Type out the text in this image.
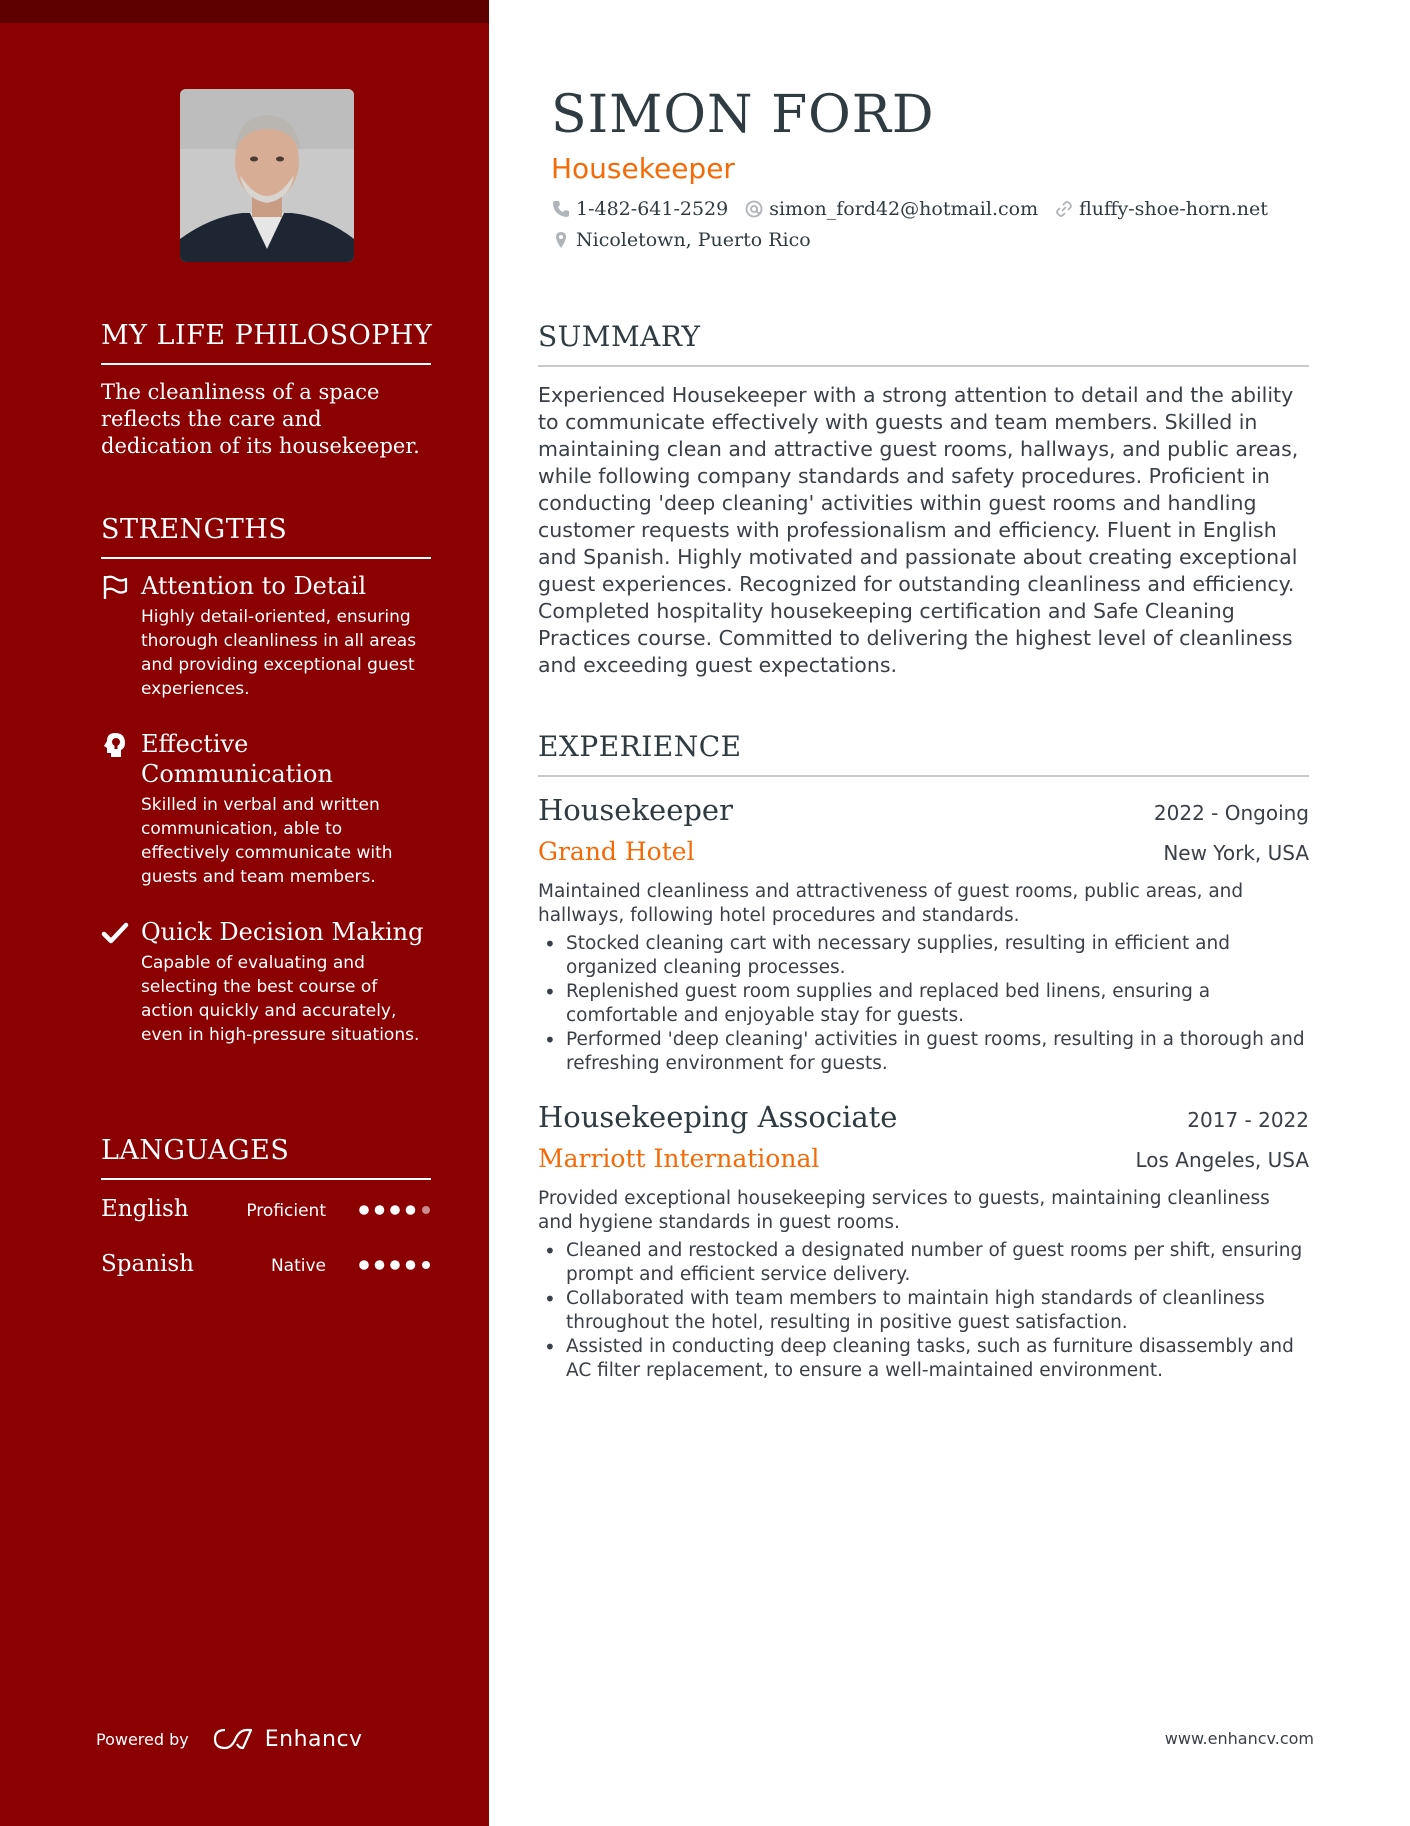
MY LIFE PHILOSOPHY
The cleanliness of a space reflects the care and dedication of its housekeeper.
STRENGTHS
Attention to Detail
Highly detail-oriented, ensuring thorough cleanliness in all areas and providing exceptional guest experiences.
Effective Communication
Skilled in verbal and written communication, able to effectively communicate with guests and team members.
Quick Decision Making
Capable of evaluating and selecting the best course of action quickly and accurately, even in high-pressure situations.
LANGUAGES
English	Proficient
Spanish	Native
Powered by	Enhancv
SIMON FORD
Housekeeper
1-482-641-2529 simon_ford42@hotmail.com fluffy-shoe-horn.net
Nicoletown, Puerto Rico
SUMMARY
Experienced Housekeeper with a strong attention to detail and the ability to communicate effectively with guests and team members. Skilled in maintaining clean and attractive guest rooms, hallways, and public areas, while following company standards and safety procedures. Proficient in conducting 'deep cleaning' activities within guest rooms and handling customer requests with professionalism and efficiency. Fluent in English and Spanish. Highly motivated and passionate about creating exceptional guest experiences. Recognized for outstanding cleanliness and efficiency. Completed hospitality housekeeping certification and Safe Cleaning Practices course. Committed to delivering the highest level of cleanliness and exceeding guest expectations.
EXPERIENCE
Housekeeper	2022 - Ongoing
Grand Hotel	New York, USA
Maintained cleanliness and attractiveness of guest rooms, public areas, and hallways, following hotel procedures and standards.
• Stocked cleaning cart with necessary supplies, resulting in efficient and organized cleaning processes.
• Replenished guest room supplies and replaced bed linens, ensuring a comfortable and enjoyable stay for guests.
• Performed 'deep cleaning' activities in guest rooms, resulting in a thorough and refreshing environment for guests.
Housekeeping Associate	2017 - 2022
Marriott International	Los Angeles, USA
Provided exceptional housekeeping services to guests, maintaining cleanliness and hygiene standards in guest rooms.
• Cleaned and restocked a designated number of guest rooms per shift, ensuring prompt and efficient service delivery.
• Collaborated with team members to maintain high standards of cleanliness throughout the hotel, resulting in positive guest satisfaction.
• Assisted in conducting deep cleaning tasks, such as furniture disassembly and AC filter replacement, to ensure a well-maintained environment.
www.enhancv.com
